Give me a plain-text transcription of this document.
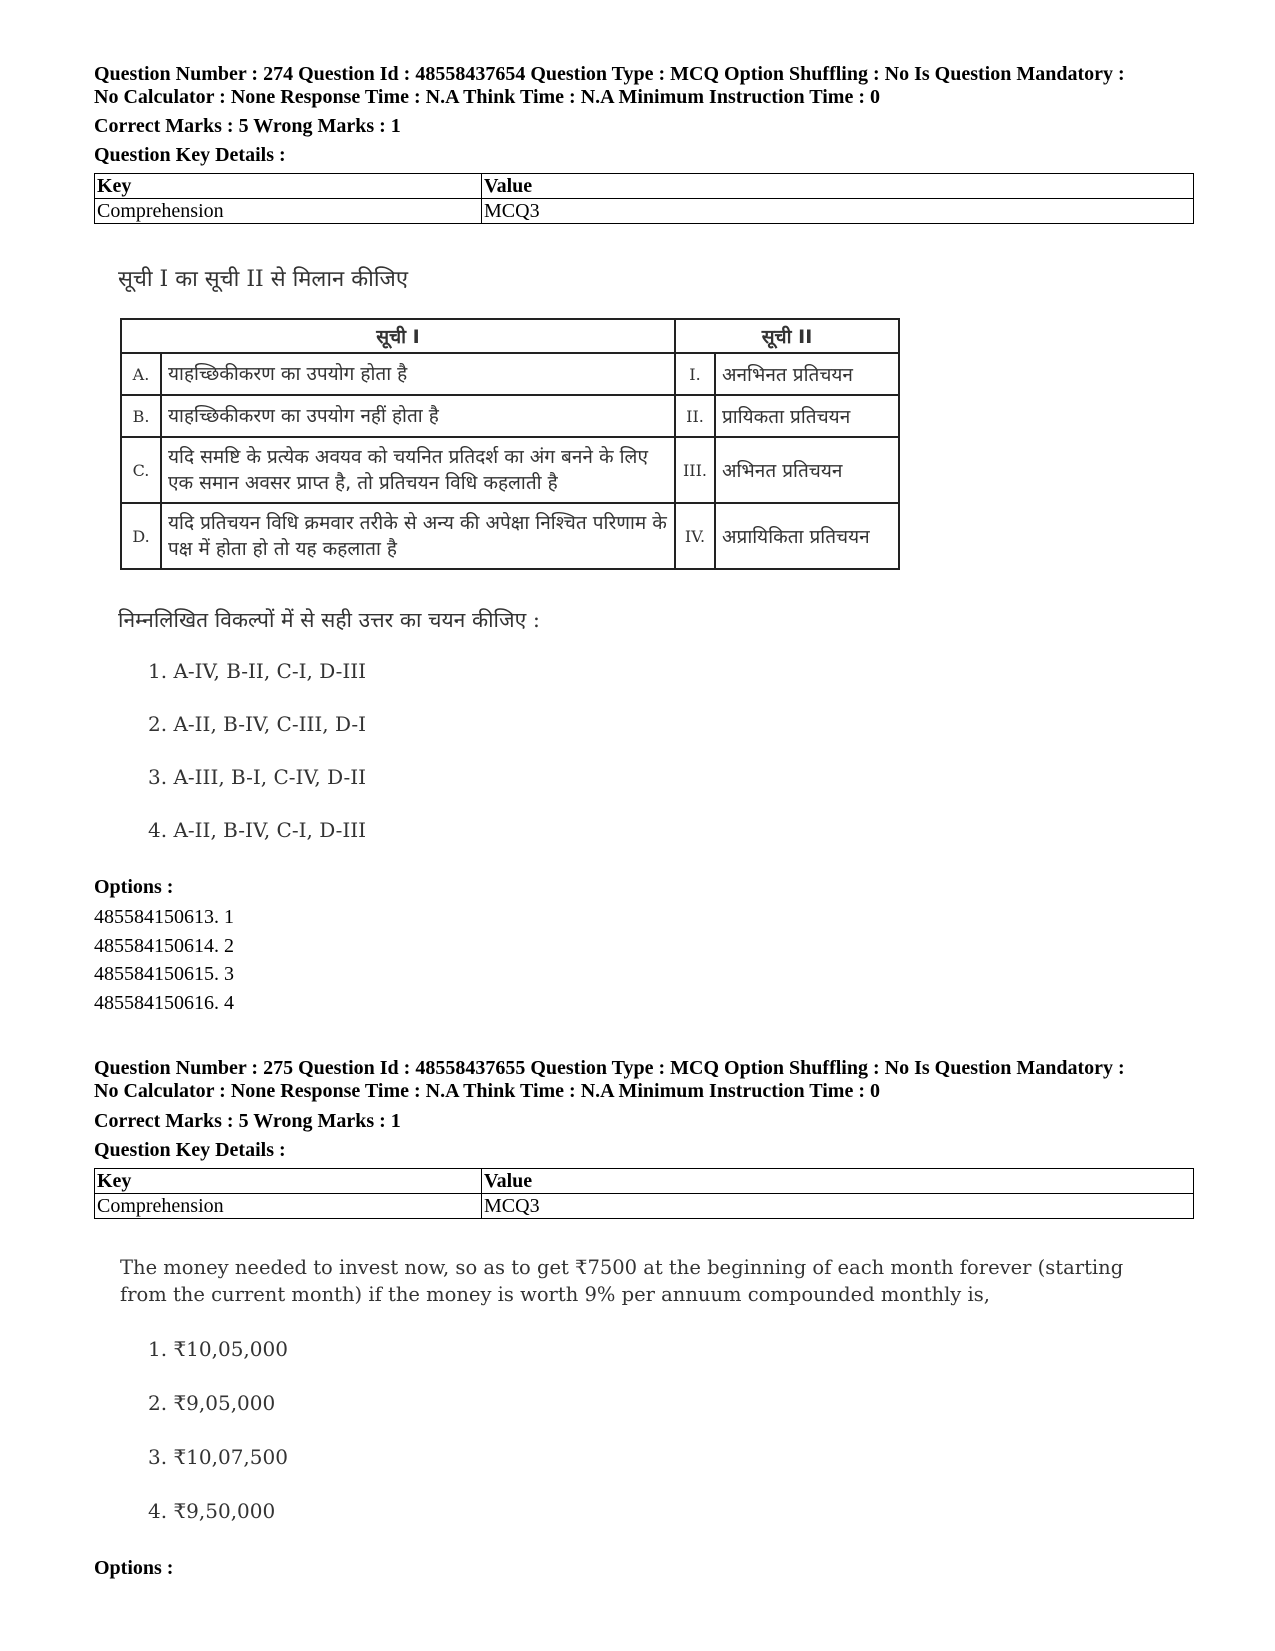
Question Number : 274 Question Id : 48558437654 Question Type : MCQ Option Shuffling : No Is Question Mandatory :
No Calculator : None Response Time : N.A Think Time : N.A Minimum Instruction Time : 0
Correct Marks : 5 Wrong Marks : 1
Question Key Details :
Key	Value
Comprehension	MCQ3
सूची I का सूची II से मिलान कीजिए
सूची I		सूची II	
A.	याहच्छिकीकरण का उपयोग होता है	I.	अनभिनत प्रतिचयन
B.	याहच्छिकीकरण का उपयोग नहीं होता है	II.	प्रायिकता प्रतिचयन
C.	यदि समष्टि के प्रत्येक अवयव को चयनित प्रतिदर्श का अंग बनने के लिए एक समान अवसर प्राप्त है, तो प्रतिचयन विधि कहलाती है	III.	अभिनत प्रतिचयन
D.	यदि प्रतिचयन विधि क्रमवार तरीके से अन्य की अपेक्षा निश्चित परिणाम के पक्ष में होता हो तो यह कहलाता है	IV.	अप्रायिकिता प्रतिचयन
निम्नलिखित विकल्पों में से सही उत्तर का चयन कीजिए :
1. A-IV, B-II, C-I, D-III
2. A-II, B-IV, C-III, D-I
3. A-III, B-I, C-IV, D-II
4. A-II, B-IV, C-I, D-III
Options :
485584150613. 1
485584150614. 2
485584150615. 3
485584150616. 4
Question Number : 275 Question Id : 48558437655 Question Type : MCQ Option Shuffling : No Is Question Mandatory :
No Calculator : None Response Time : N.A Think Time : N.A Minimum Instruction Time : 0
Correct Marks : 5 Wrong Marks : 1
Question Key Details :
Key	Value
Comprehension	MCQ3
The money needed to invest now, so as to get ₹7500 at the beginning of each month forever (starting from the current month) if the money is worth 9% per annuum compounded monthly is,
1. ₹10,05,000
2. ₹9,05,000
3. ₹10,07,500
4. ₹9,50,000
Options :
